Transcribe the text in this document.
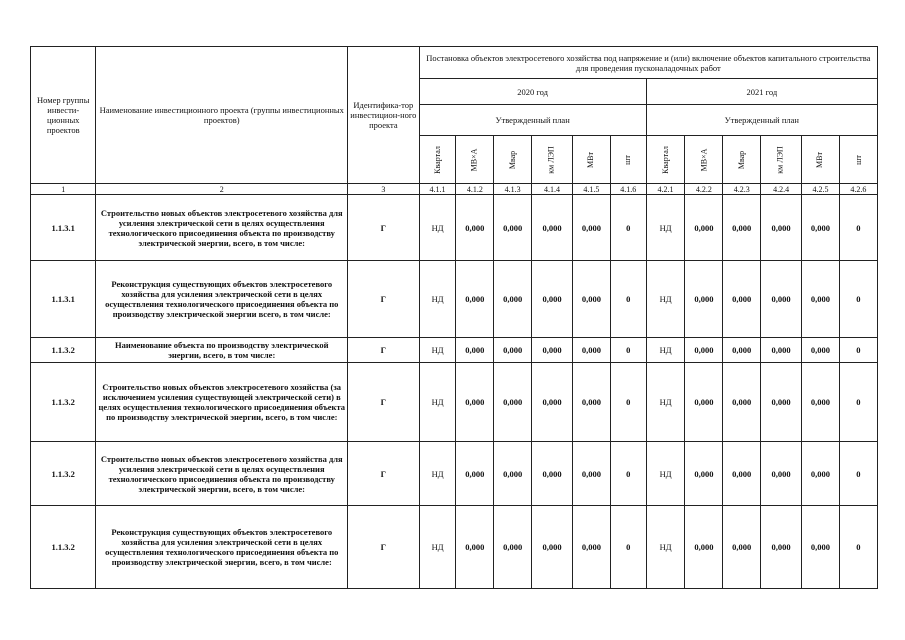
Номер группы инвести-ционных проектов	Наименование инвестиционного проекта (группы инвестиционных проектов)	Идентифика-тор инвестицион-ного проекта	Постановка объектов электросетевого хозяйства под напряжение и (или) включение объектов капитального строительства для проведения пусконаладочных работ											
			2020 год						2021 год					
			Утвержденный план						Утвержденный план					
			Квартал	МВ×А	Мвар	км ЛЭП	МВт	шт	Квартал	МВ×А	Мвар	км ЛЭП	МВт	шт
1	2	3	4.1.1	4.1.2	4.1.3	4.1.4	4.1.5	4.1.6	4.2.1	4.2.2	4.2.3	4.2.4	4.2.5	4.2.6
1.1.3.1	Строительство новых объектов электросетевого хозяйства для усиления электрической сети в целях осуществления технологического присоединения объекта по производству электрической энергии, всего, в том числе:	Г	НД	0,000	0,000	0,000	0,000	0	НД	0,000	0,000	0,000	0,000	0
1.1.3.1	Реконструкция существующих объектов электросетевого хозяйства для усиления электрической сети в целях осуществления технологического присоединения объекта по производству электрической энергии всего, в том числе:	Г	НД	0,000	0,000	0,000	0,000	0	НД	0,000	0,000	0,000	0,000	0
1.1.3.2	Наименование объекта по производству электрической энергии, всего, в том числе:	Г	НД	0,000	0,000	0,000	0,000	0	НД	0,000	0,000	0,000	0,000	0
1.1.3.2	Строительство новых объектов электросетевого хозяйства (за исключением усиления существующей электрической сети) в целях осуществления технологического присоединения объекта по производству электрической энергии, всего, в том числе:	Г	НД	0,000	0,000	0,000	0,000	0	НД	0,000	0,000	0,000	0,000	0
1.1.3.2	Строительство новых объектов электросетевого хозяйства для усиления электрической сети в целях осуществления технологического присоединения объекта по производству электрической энергии, всего, в том числе:	Г	НД	0,000	0,000	0,000	0,000	0	НД	0,000	0,000	0,000	0,000	0
1.1.3.2	Реконструкция существующих объектов электросетевого хозяйства для усиления электрической сети в целях осуществления технологического присоединения объекта по производству электрической энергии, всего, в том числе:	Г	НД	0,000	0,000	0,000	0,000	0	НД	0,000	0,000	0,000	0,000	0
